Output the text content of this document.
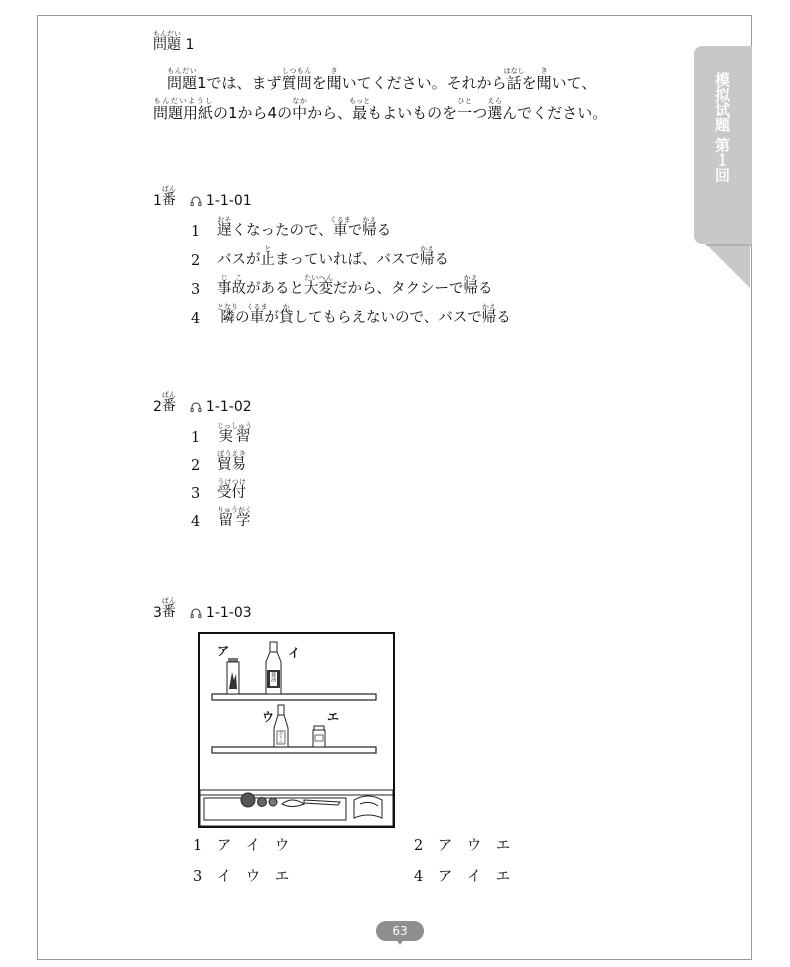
模拟试题 第１回
問題もんだい 1
問題もんだい1では、まず質問しつもんを聞きいてください。それから話はなしを聞きいて、
問題用紙もんだいようしの1から4の中なかから、最もっともよいものを一ひとつ選えらんでください。
1 番ばん
1-1-01
1	遅おそくなったので、車くるまで帰かえる
2	バスが止とまっていれば、バスで帰かえる
3	事故じこがあると大変たいへんだから、タクシーで帰かえる
4	隣となりの車くるまが貸かしてもらえないので、バスで帰かえる
2 番ばん
1-1-02
1	実習じっしゅう
2	貿易ぼうえき
3	受付うけつけ
4	留学りゅうがく
3 番ばん
1-1-03
ア	イ
ウ	エ
醤油
みりん
1　 ア　イ　ウ	2　 ア　ウ　エ
3　 イ　ウ　エ	4　 ア　イ　エ
63
